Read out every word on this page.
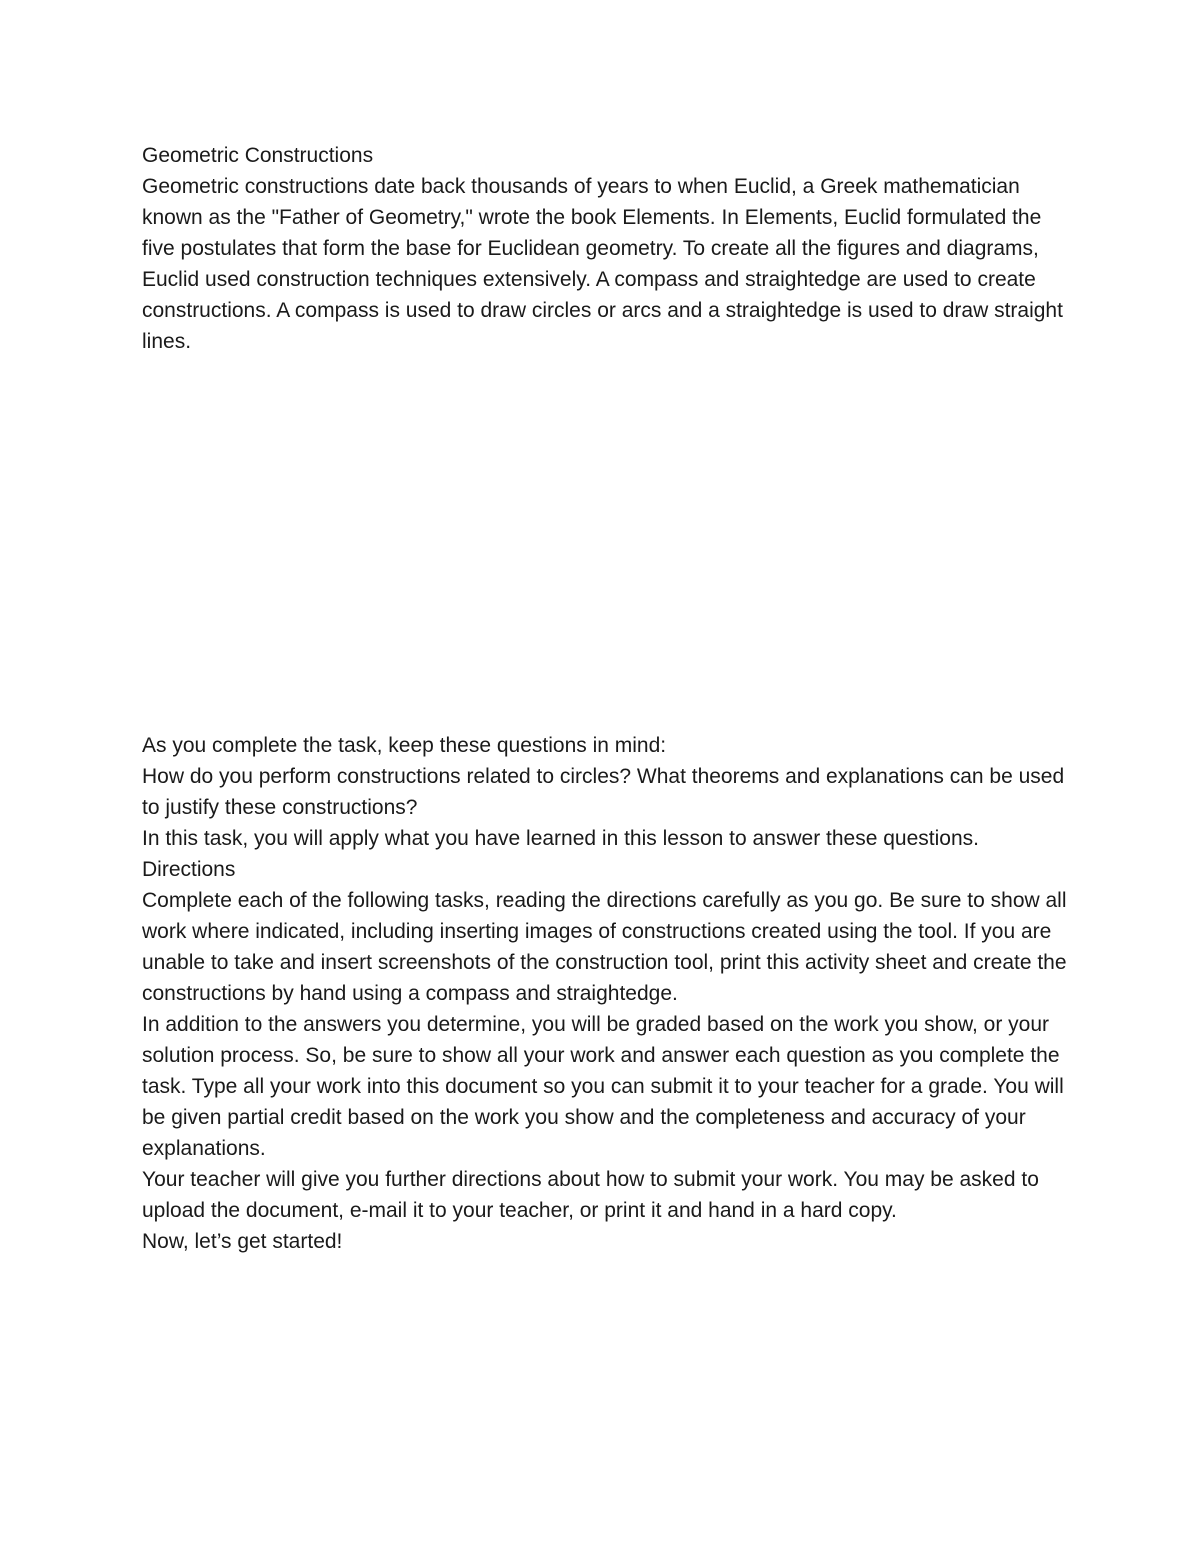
Geometric Constructions

Geometric constructions date back thousands of years to when Euclid, a Greek mathematician known as the "Father of Geometry," wrote the book Elements. In Elements, Euclid formulated the five postulates that form the base for Euclidean geometry. To create all the figures and diagrams, Euclid used construction techniques extensively. A compass and straightedge are used to create constructions. A compass is used to draw circles or arcs and a straightedge is used to draw straight lines.

As you complete the task, keep these questions in mind:

How do you perform constructions related to circles? What theorems and explanations can be used to justify these constructions?

In this task, you will apply what you have learned in this lesson to answer these questions.

Directions

Complete each of the following tasks, reading the directions carefully as you go. Be sure to show all work where indicated, including inserting images of constructions created using the tool. If you are unable to take and insert screenshots of the construction tool, print this activity sheet and create the constructions by hand using a compass and straightedge.

In addition to the answers you determine, you will be graded based on the work you show, or your solution process. So, be sure to show all your work and answer each question as you complete the task. Type all your work into this document so you can submit it to your teacher for a grade. You will be given partial credit based on the work you show and the completeness and accuracy of your explanations.

Your teacher will give you further directions about how to submit your work. You may be asked to upload the document, e-mail it to your teacher, or print it and hand in a hard copy.

Now, let’s get started!
